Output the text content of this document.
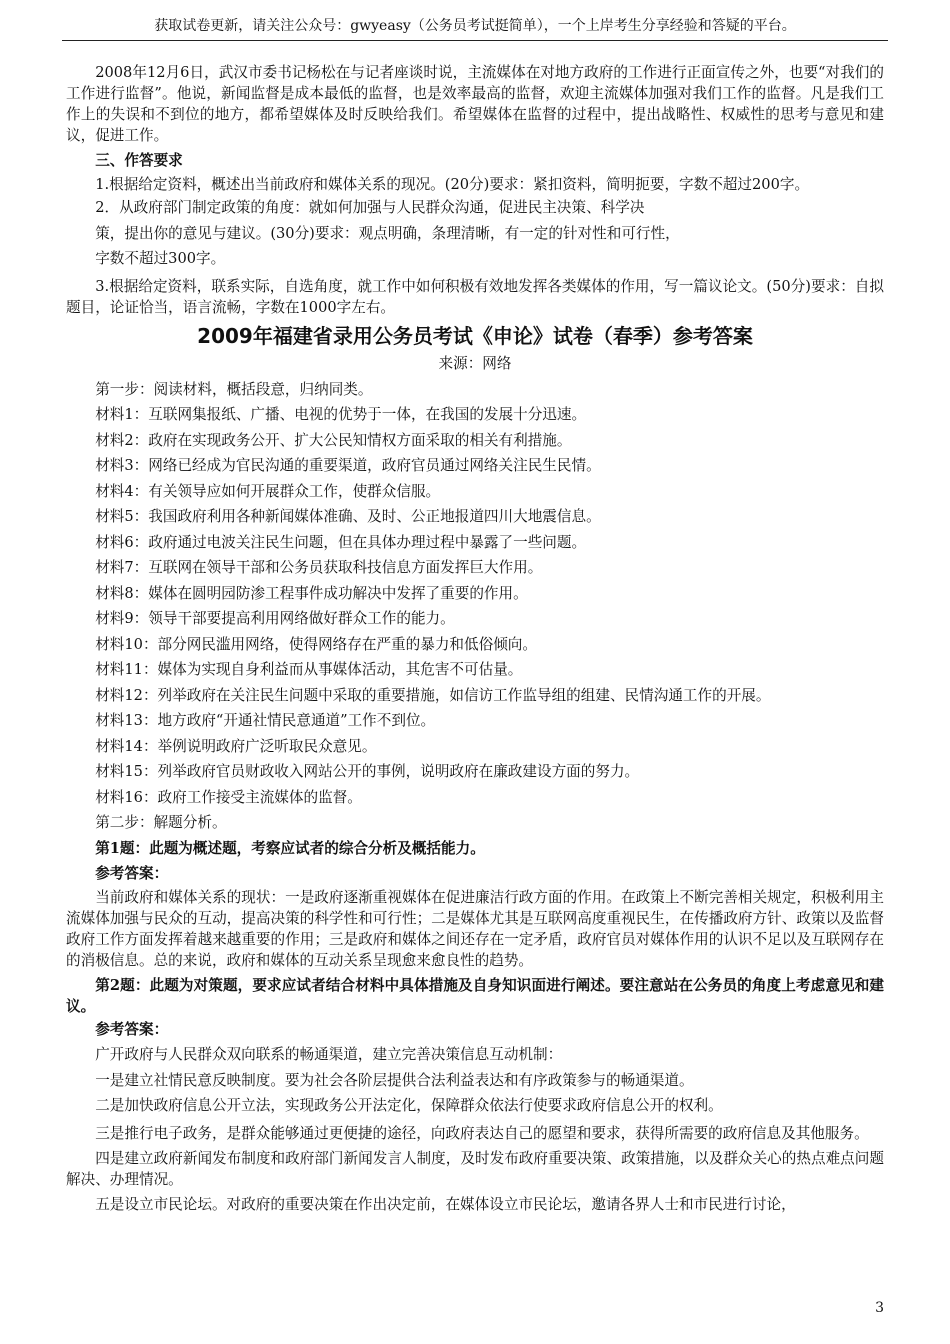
获取试卷更新，请关注公众号：gwyeasy（公务员考试挺简单），一个上岸考生分享经验和答疑的平台。

2008年12月6日，武汉市委书记杨松在与记者座谈时说，主流媒体在对地方政府的工作进行正面宣传之外，也要“对我们的工作进行监督”。他说，新闻监督是成本最低的监督，也是效率最高的监督，欢迎主流媒体加强对我们工作的监督。凡是我们工作上的失误和不到位的地方，都希望媒体及时反映给我们。希望媒体在监督的过程中，提出战略性、权威性的思考与意见和建议，促进工作。

三、作答要求

1.根据给定资料，概述出当前政府和媒体关系的现况。(20分)要求：紧扣资料，简明扼要，字数不超过200字。

2．从政府部门制定政策的角度：就如何加强与人民群众沟通，促进民主决策、科学决

策，提出你的意见与建议。(30分)要求：观点明确，条理清晰，有一定的针对性和可行性，

字数不超过300字。

3.根据给定资料，联系实际，自选角度，就工作中如何积极有效地发挥各类媒体的作用，写一篇议论文。(50分)要求：自拟题目，论证恰当，语言流畅，字数在1000字左右。

2009年福建省录用公务员考试《申论》试卷（春季）参考答案

来源：网络

第一步：阅读材料，概括段意，归纳同类。

材料1：互联网集报纸、广播、电视的优势于一体，在我国的发展十分迅速。

材料2：政府在实现政务公开、扩大公民知情权方面采取的相关有利措施。

材料3：网络已经成为官民沟通的重要渠道，政府官员通过网络关注民生民情。

材料4：有关领导应如何开展群众工作，使群众信服。

材料5：我国政府利用各种新闻媒体准确、及时、公正地报道四川大地震信息。

材料6：政府通过电波关注民生问题，但在具体办理过程中暴露了一些问题。

材料7：互联网在领导干部和公务员获取科技信息方面发挥巨大作用。

材料8：媒体在圆明园防渗工程事件成功解决中发挥了重要的作用。

材料9：领导干部要提高利用网络做好群众工作的能力。

材料10：部分网民滥用网络，使得网络存在严重的暴力和低俗倾向。

材料11：媒体为实现自身利益而从事媒体活动，其危害不可估量。

材料12：列举政府在关注民生问题中采取的重要措施，如信访工作监导组的组建、民情沟通工作的开展。

材料13：地方政府“开通社情民意通道”工作不到位。

材料14：举例说明政府广泛听取民众意见。

材料15：列举政府官员财政收入网站公开的事例，说明政府在廉政建设方面的努力。

材料16：政府工作接受主流媒体的监督。

第二步：解题分析。

第1题：此题为概述题，考察应试者的综合分析及概括能力。

参考答案：

当前政府和媒体关系的现状：一是政府逐渐重视媒体在促进廉洁行政方面的作用。在政策上不断完善相关规定，积极利用主流媒体加强与民众的互动，提高决策的科学性和可行性；二是媒体尤其是互联网高度重视民生，在传播政府方针、政策以及监督政府工作方面发挥着越来越重要的作用；三是政府和媒体之间还存在一定矛盾，政府官员对媒体作用的认识不足以及互联网存在的消极信息。总的来说，政府和媒体的互动关系呈现愈来愈良性的趋势。

第2题：此题为对策题，要求应试者结合材料中具体措施及自身知识面进行阐述。要注意站在公务员的角度上考虑意见和建议。

参考答案：

广开政府与人民群众双向联系的畅通渠道，建立完善决策信息互动机制：

一是建立社情民意反映制度。要为社会各阶层提供合法利益表达和有序政策参与的畅通渠道。

二是加快政府信息公开立法，实现政务公开法定化，保障群众依法行使要求政府信息公开的权利。

三是推行电子政务，是群众能够通过更便捷的途径，向政府表达自己的愿望和要求，获得所需要的政府信息及其他服务。

四是建立政府新闻发布制度和政府部门新闻发言人制度，及时发布政府重要决策、政策措施，以及群众关心的热点难点问题解决、办理情况。

五是设立市民论坛。对政府的重要决策在作出决定前，在媒体设立市民论坛，邀请各界人士和市民进行讨论，

3
